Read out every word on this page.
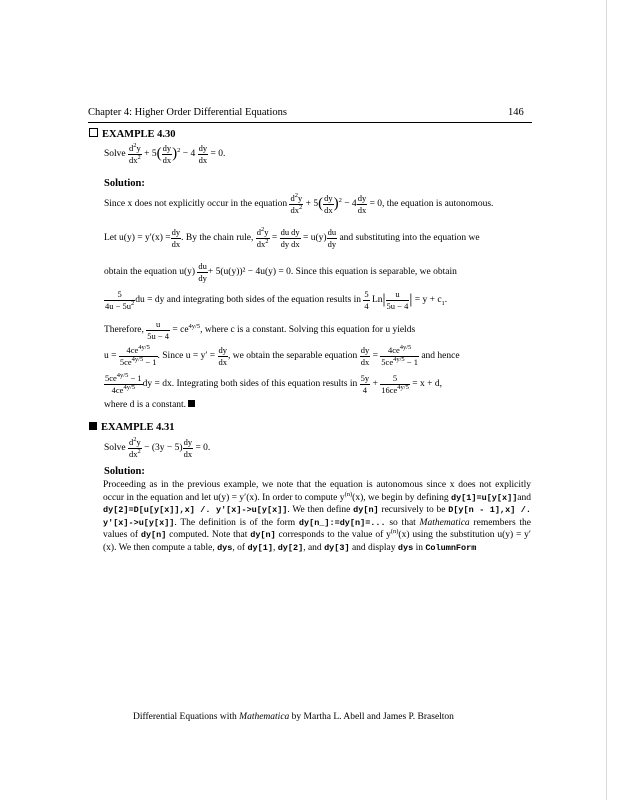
Chapter 4: Higher Order Differential Equations	146
EXAMPLE 4.30
Solve $\frac{d^2y}{dx^2} + 5( \frac{dy}{dx} )^2 - 4 \frac{dy}{dx} = 0$.
Solution:
Since x does not explicitly occur in the equation $\frac{d^2y}{dx^2} + 5( \frac{dy}{dx} )^2 - 4 \frac{dy}{dx} = 0$, the equation is autonomous.
Let $u(y) = y'(x) = \frac{dy}{dx}$ . By the chain rule, $\frac{d^2y}{dx^2} = \frac{du}{dy} \frac{dy}{dx} = u(y) \frac{du}{dy}$ and substituting into the equation we
obtain the equation $u(y) \frac{du}{dy} + 5(u(y))^2 - 4u(y) = 0$. Since this equation is separable, we obtain
$\frac{5}{4u - 5u^2}$ du = dy and integrating both sides of the equation results in $\frac{5}{4} Ln| \frac{u}{5u - 4}$ | = $y + c_1$.
Therefore, $\frac{u}{5u - 4} = ce^{4y/5}$, where c is a constant. Solving this equation for u yields
$u = \frac{4ce^{4y/5}}{5ce^{4y/5} - 1}$ . Since $u = y' = \frac{dy}{dx}$ , we obtain the separable equation $\frac{dy}{dx} = \frac{4ce^{4y/5}}{5ce^{4y/5} - 1}$ and hence
$\frac{5ce^{4y/5} - 1}{4ce^{4y/5}}$ dy = dx. Integrating both sides of this equation results in $\frac{5y}{4} + \frac{5}{16ce^{4y/5}} = x + d$,
where d is a constant.
EXAMPLE 4.31
Solve $\frac{d^2y}{dx^2} - (3y - 5) \frac{dy}{dx} = 0$.
Solution:
Proceeding as in the previous example, we note that the equation is autonomous since x does not explicitly occur in the equation and let u(y) = y′(x). In order to compute $y^{(n)}(x)$, we begin by defining dy[1]=u[y[x]]and dy[2]=D[u[y[x]],x] /. y′[x]->u[y[x]]. We then define dy[n] recursively to be D[y[n - 1],x] /. y′[x]->u[y[x]]. The definition is of the form dy[n_]:=dy[n]=... so that Mathematica remembers the values of dy[n] computed. Note that dy[n] corresponds to the value of $y^{(n)}(x)$ using the substitution u(y) = y′(x). We then compute a table, dys, of dy[1], dy[2], and dy[3] and display dys in ColumnForm
Differential Equations with Mathematica by Martha L. Abell and James P. Braselton
